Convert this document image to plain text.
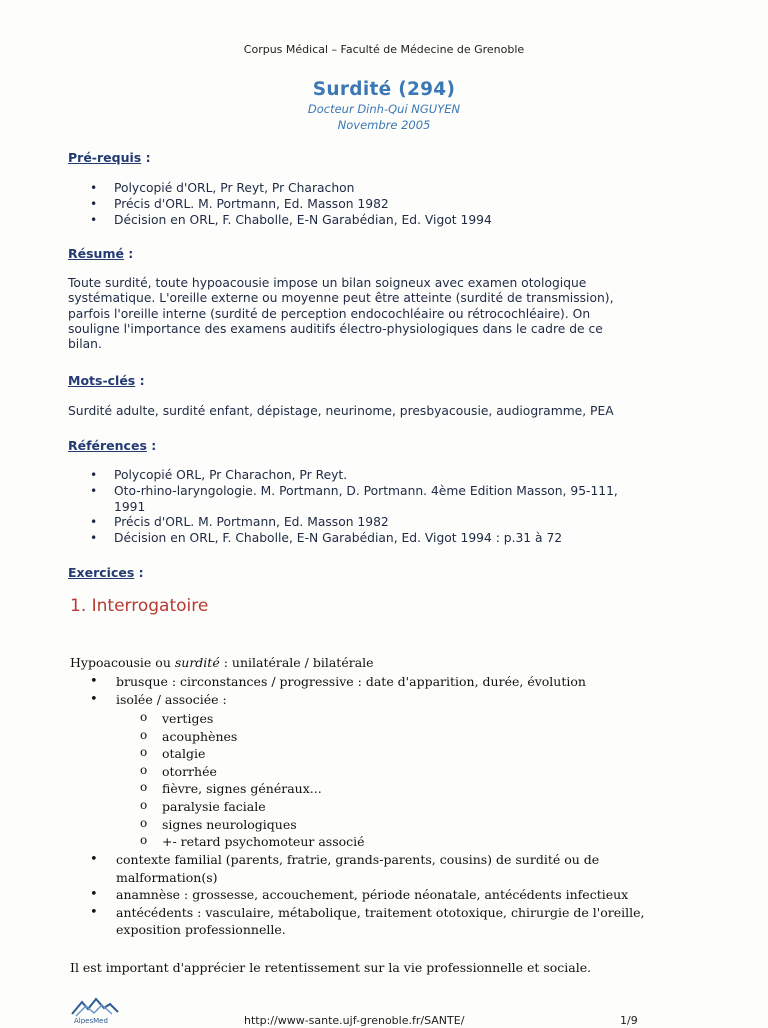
Corpus Médical – Faculté de Médecine de Grenoble
Surdité (294)
Docteur Dinh-Qui NGUYEN
Novembre 2005
Pré-requis :
• Polycopié d'ORL, Pr Reyt, Pr Charachon
• Précis d'ORL. M. Portmann, Ed. Masson 1982
• Décision en ORL, F. Chabolle, E-N Garabédian, Ed. Vigot 1994
Résumé :
Toute surdité, toute hypoacousie impose un bilan soigneux avec examen otologique
systématique. L'oreille externe ou moyenne peut être atteinte (surdité de transmission),
parfois l'oreille interne (surdité de perception endocochléaire ou rétrocochléaire). On
souligne l'importance des examens auditifs électro-physiologiques dans le cadre de ce
bilan.
Mots-clés :
Surdité adulte, surdité enfant, dépistage, neurinome, presbyacousie, audiogramme, PEA
Références :
• Polycopié ORL, Pr Charachon, Pr Reyt.
• Oto-rhino-laryngologie. M. Portmann, D. Portmann. 4ème Edition Masson, 95-111,
1991
• Précis d'ORL. M. Portmann, Ed. Masson 1982
• Décision en ORL, F. Chabolle, E-N Garabédian, Ed. Vigot 1994 : p.31 à 72
Exercices :
1. Interrogatoire
Hypoacousie ou surdité : unilatérale / bilatérale
• brusque : circonstances / progressive : date d'apparition, durée, évolution
• isolée / associée :
o vertiges
o acouphènes
o otalgie
o otorrhée
o fièvre, signes généraux...
o paralysie faciale
o signes neurologiques
o +- retard psychomoteur associé
• contexte familial (parents, fratrie, grands-parents, cousins) de surdité ou de
malformation(s)
• anamnèse : grossesse, accouchement, période néonatale, antécédents infectieux
• antécédents : vasculaire, métabolique, traitement ototoxique, chirurgie de l'oreille,
exposition professionnelle.
Il est important d'apprécier le retentissement sur la vie professionnelle et sociale.
AlpesMed	http://www-sante.ujf-grenoble.fr/SANTE/	1/9
